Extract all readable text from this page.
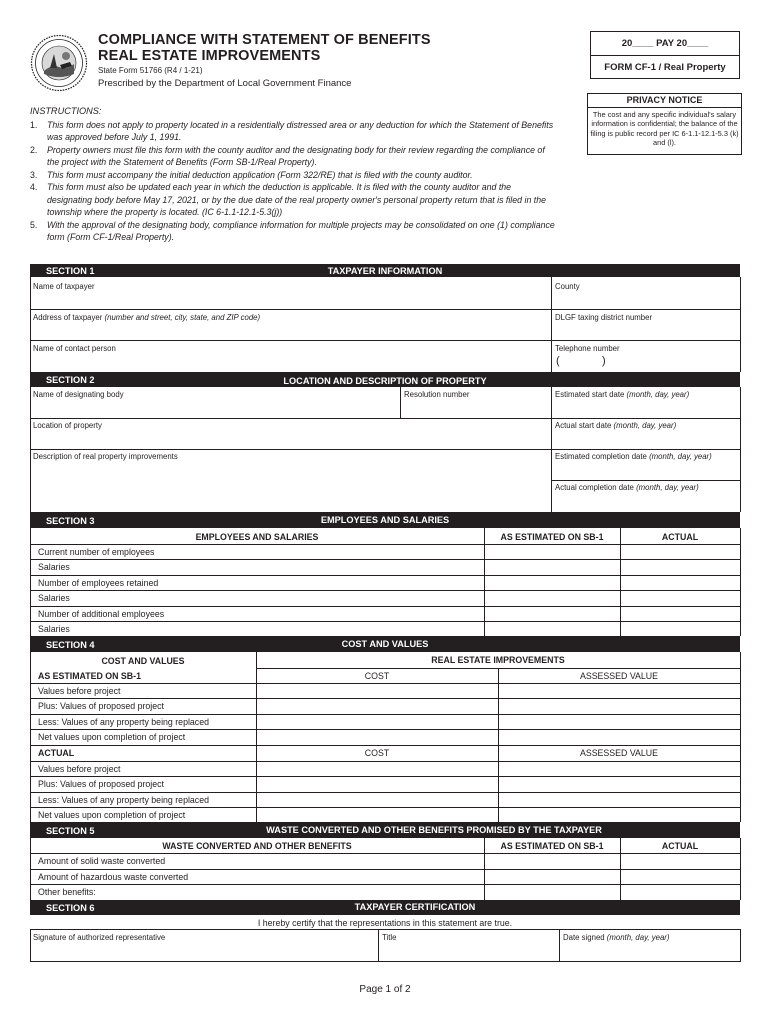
COMPLIANCE WITH STATEMENT OF BENEFITS
REAL ESTATE IMPROVEMENTS
State Form 51766 (R4 / 1-21)
Prescribed by the Department of Local Government Finance
20____ PAY 20____
FORM CF-1 / Real Property
PRIVACY NOTICE
The cost and any specific individual's salary information is confidential; the balance of the filing is public record per IC 6-1.1-12.1-5.3 (k) and (l).
INSTRUCTIONS:
1. This form does not apply to property located in a residentially distressed area or any deduction for which the Statement of Benefits was approved before July 1, 1991.
2. Property owners must file this form with the county auditor and the designating body for their review regarding the compliance of the project with the Statement of Benefits (Form SB-1/Real Property).
3. This form must accompany the initial deduction application (Form 322/RE) that is filed with the county auditor.
4. This form must also be updated each year in which the deduction is applicable. It is filed with the county auditor and the designating body before May 17, 2021, or by the due date of the real property owner's personal property return that is filed in the township where the property is located. (IC 6-1.1-12.1-5.3(j))
5. With the approval of the designating body, compliance information for multiple projects may be consolidated on one (1) compliance form (Form CF-1/Real Property).
TAXPAYER INFORMATION
SECTION 1
Name of taxpayer	County
Address of taxpayer (number and street, city, state, and ZIP code)	DLGF taxing district number
Name of contact person	Telephone number
(	)
LOCATION AND DESCRIPTION OF PROPERTY
SECTION 2
Name of designating body	Resolution number	Estimated start date (month, day, year)
Location of property	Actual start date (month, day, year)
Description of real property improvements	Estimated completion date (month, day, year)
Actual completion date (month, day, year)
EMPLOYEES AND SALARIES
SECTION 3
EMPLOYEES AND SALARIES	AS ESTIMATED ON SB-1	ACTUAL
Current number of employees
Salaries
Number of employees retained
Salaries
Number of additional employees
Salaries
COST AND VALUES
SECTION 4
COST AND VALUES	REAL ESTATE IMPROVEMENTS
AS ESTIMATED ON SB-1	COST	ASSESSED VALUE
Values before project
Plus: Values of proposed project
Less: Values of any property being replaced
Net values upon completion of project
ACTUAL	COST	ASSESSED VALUE
Values before project
Plus: Values of proposed project
Less: Values of any property being replaced
Net values upon completion of project
WASTE CONVERTED AND OTHER BENEFITS PROMISED BY THE TAXPAYER
SECTION 5
WASTE CONVERTED AND OTHER BENEFITS	AS ESTIMATED ON SB-1	ACTUAL
Amount of solid waste converted
Amount of hazardous waste converted
Other benefits:
TAXPAYER CERTIFICATION
SECTION 6
I hereby certify that the representations in this statement are true.
Signature of authorized representative	Title	Date signed (month, day, year)
Page 1 of 2
